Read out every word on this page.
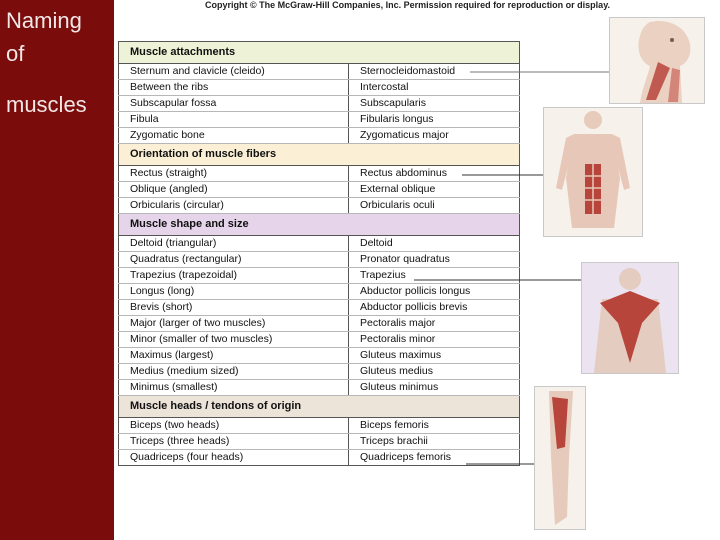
Naming
of
muscles
Copyright © The McGraw-Hill Companies, Inc. Permission required for reproduction or display.
Muscle attachments	
Sternum and clavicle (cleido)	Sternocleidomastoid
Between the ribs	Intercostal
Subscapular fossa	Subscapularis
Fibula	Fibularis longus
Zygomatic bone	Zygomaticus major
Orientation of muscle fibers	
Rectus (straight)	Rectus abdominus
Oblique (angled)	External oblique
Orbicularis (circular)	Orbicularis oculi
Muscle shape and size	
Deltoid (triangular)	Deltoid
Quadratus (rectangular)	Pronator quadratus
Trapezius (trapezoidal)	Trapezius
Longus (long)	Abductor pollicis longus
Brevis (short)	Abductor pollicis brevis
Major (larger of two muscles)	Pectoralis major
Minor (smaller of two muscles)	Pectoralis minor
Maximus (largest)	Gluteus maximus
Medius (medium sized)	Gluteus medius
Minimus (smallest)	Gluteus minimus
Muscle heads / tendons of origin	
Biceps (two heads)	Biceps femoris
Triceps (three heads)	Triceps brachii
Quadriceps (four heads)	Quadriceps femoris
